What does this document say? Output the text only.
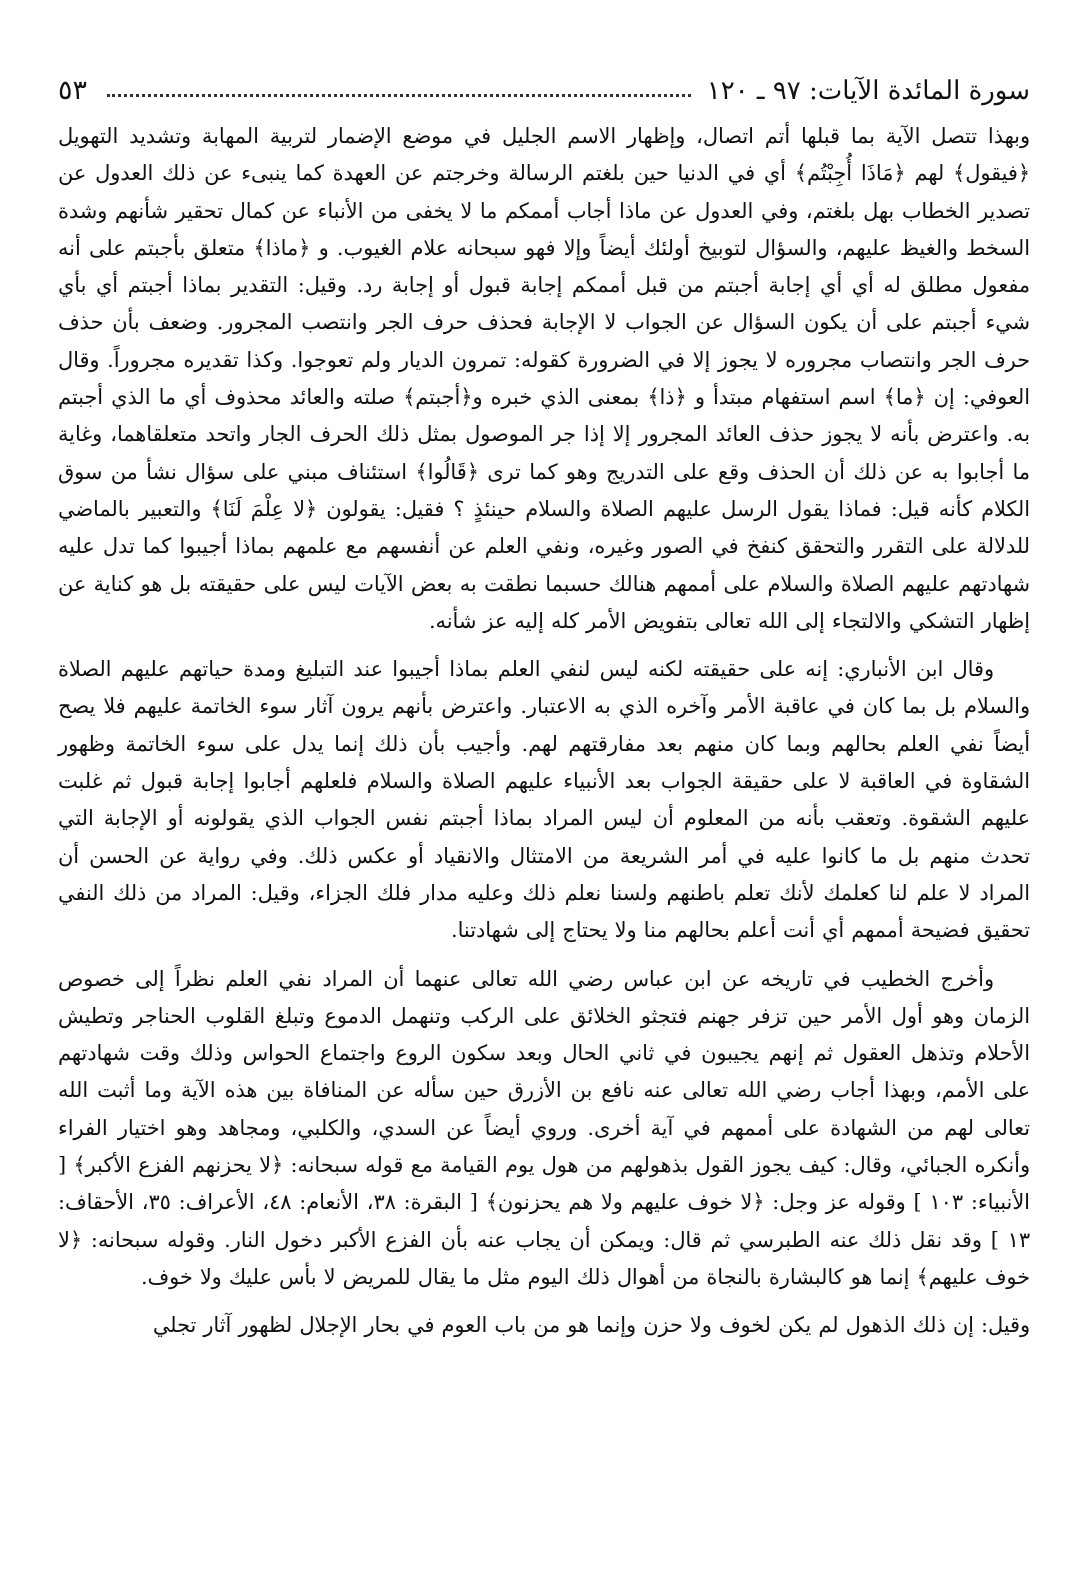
سورة المائدة الآيات: ٩٧ ـ ١٢٠
٥٣

وبهذا تتصل الآية بما قبلها أتم اتصال، وإظهار الاسم الجليل في موضع الإضمار لتربية المهابة وتشديد التهويل ﴿فيقول﴾ لهم ﴿مَاذَا أُجِبْتُم﴾ أي في الدنيا حين بلغتم الرسالة وخرجتم عن العهدة كما ينبىء عن ذلك العدول عن تصدير الخطاب بهل بلغتم، وفي العدول عن ماذا أجاب أممكم ما لا يخفى من الأنباء عن كمال تحقير شأنهم وشدة السخط والغيظ عليهم، والسؤال لتوبيخ أولئك أيضاً وإلا فهو سبحانه علام الغيوب. و ﴿ماذا﴾ متعلق بأجبتم على أنه مفعول مطلق له أي أي إجابة أجبتم من قبل أممكم إجابة قبول أو إجابة رد. وقيل: التقدير بماذا أجبتم أي بأي شيء أجبتم على أن يكون السؤال عن الجواب لا الإجابة فحذف حرف الجر وانتصب المجرور. وضعف بأن حذف حرف الجر وانتصاب مجروره لا يجوز إلا في الضرورة كقوله: تمرون الديار ولم تعوجوا. وكذا تقديره مجروراً. وقال العوفي: إن ﴿ما﴾ اسم استفهام مبتدأ و ﴿ذا﴾ بمعنى الذي خبره و﴿أجبتم﴾ صلته والعائد محذوف أي ما الذي أجبتم به. واعترض بأنه لا يجوز حذف العائد المجرور إلا إذا جر الموصول بمثل ذلك الحرف الجار واتحد متعلقاهما، وغاية ما أجابوا به عن ذلك أن الحذف وقع على التدريج وهو كما ترى ﴿قَالُوا﴾ استئناف مبني على سؤال نشأ من سوق الكلام كأنه قيل: فماذا يقول الرسل عليهم الصلاة والسلام حينئذٍ ؟ فقيل: يقولون ﴿لا عِلْمَ لَنَا﴾ والتعبير بالماضي للدلالة على التقرر والتحقق كنفخ في الصور وغيره، ونفي العلم عن أنفسهم مع علمهم بماذا أجيبوا كما تدل عليه شهادتهم عليهم الصلاة والسلام على أممهم هنالك حسبما نطقت به بعض الآيات ليس على حقيقته بل هو كناية عن إظهار التشكي والالتجاء إلى الله تعالى بتفويض الأمر كله إليه عز شأنه.

وقال ابن الأنباري: إنه على حقيقته لكنه ليس لنفي العلم بماذا أجيبوا عند التبليغ ومدة حياتهم عليهم الصلاة والسلام بل بما كان في عاقبة الأمر وآخره الذي به الاعتبار. واعترض بأنهم يرون آثار سوء الخاتمة عليهم فلا يصح أيضاً نفي العلم بحالهم وبما كان منهم بعد مفارقتهم لهم. وأجيب بأن ذلك إنما يدل على سوء الخاتمة وظهور الشقاوة في العاقبة لا على حقيقة الجواب بعد الأنبياء عليهم الصلاة والسلام فلعلهم أجابوا إجابة قبول ثم غلبت عليهم الشقوة. وتعقب بأنه من المعلوم أن ليس المراد بماذا أجبتم نفس الجواب الذي يقولونه أو الإجابة التي تحدث منهم بل ما كانوا عليه في أمر الشريعة من الامتثال والانقياد أو عكس ذلك. وفي رواية عن الحسن أن المراد لا علم لنا كعلمك لأنك تعلم باطنهم ولسنا نعلم ذلك وعليه مدار فلك الجزاء، وقيل: المراد من ذلك النفي تحقيق فضيحة أممهم أي أنت أعلم بحالهم منا ولا يحتاج إلى شهادتنا.

وأخرج الخطيب في تاريخه عن ابن عباس رضي الله تعالى عنهما أن المراد نفي العلم نظراً إلى خصوص الزمان وهو أول الأمر حين تزفر جهنم فتجثو الخلائق على الركب وتنهمل الدموع وتبلغ القلوب الحناجر وتطيش الأحلام وتذهل العقول ثم إنهم يجيبون في ثاني الحال وبعد سكون الروع واجتماع الحواس وذلك وقت شهادتهم على الأمم، وبهذا أجاب رضي الله تعالى عنه نافع بن الأزرق حين سأله عن المنافاة بين هذه الآية وما أثبت الله تعالى لهم من الشهادة على أممهم في آية أخرى. وروي أيضاً عن السدي، والكلبي، ومجاهد وهو اختيار الفراء وأنكره الجبائي، وقال: كيف يجوز القول بذهولهم من هول يوم القيامة مع قوله سبحانه: ﴿لا يحزنهم الفزع الأكبر﴾ [ الأنبياء: ١٠٣ ] وقوله عز وجل: ﴿لا خوف عليهم ولا هم يحزنون﴾ [ البقرة: ٣٨، الأنعام: ٤٨، الأعراف: ٣٥، الأحقاف: ١٣ ] وقد نقل ذلك عنه الطبرسي ثم قال: ويمكن أن يجاب عنه بأن الفزع الأكبر دخول النار. وقوله سبحانه: ﴿لا خوف عليهم﴾ إنما هو كالبشارة بالنجاة من أهوال ذلك اليوم مثل ما يقال للمريض لا بأس عليك ولا خوف.

وقيل: إن ذلك الذهول لم يكن لخوف ولا حزن وإنما هو من باب العوم في بحار الإجلال لظهور آثار تجلي
